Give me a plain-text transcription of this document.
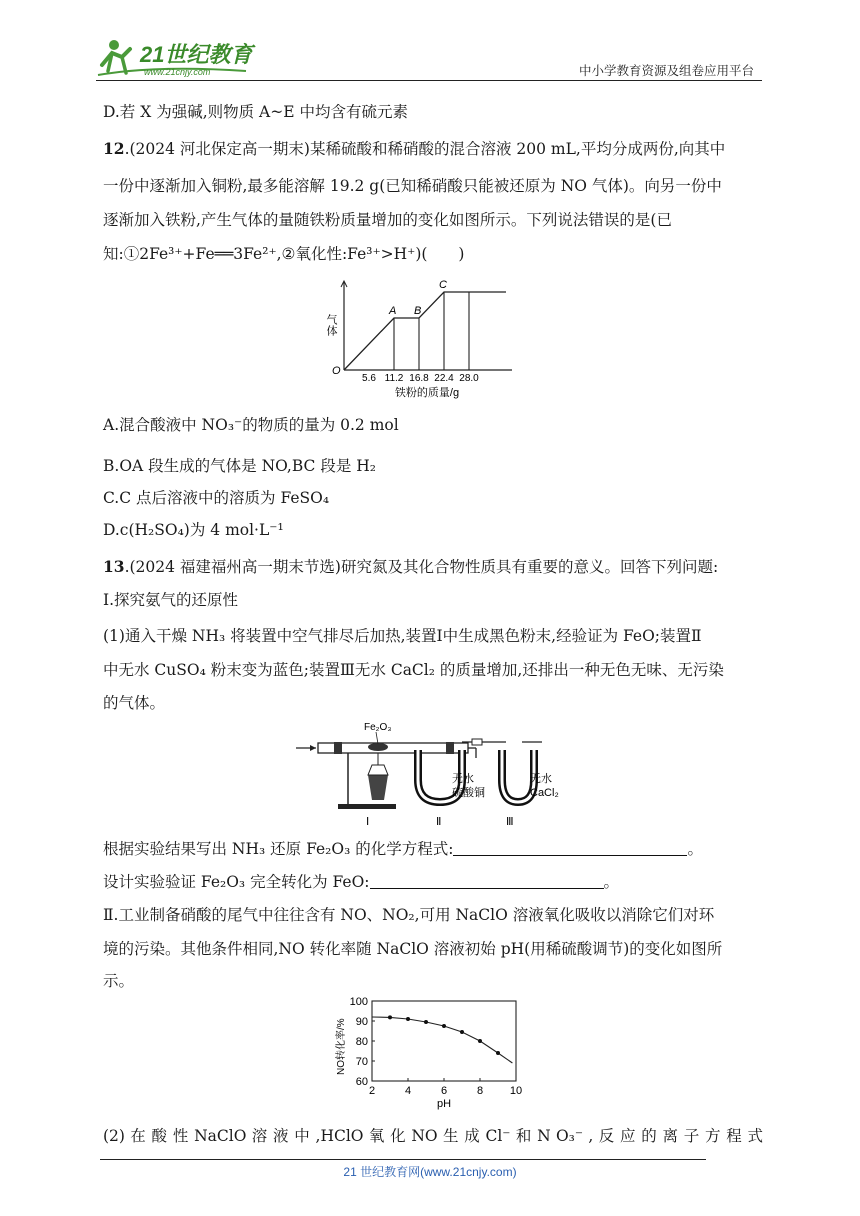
21世纪教育
www.21cnjy.com	中小学教育资源及组卷应用平台
D.若 X 为强碱,则物质 A~E 中均含有硫元素
12.(2024 河北保定高一期末)某稀硫酸和稀硝酸的混合溶液 200 mL,平均分成两份,向其中
一份中逐渐加入铜粉,最多能溶解 19.2 g(已知稀硝酸只能被还原为 NO 气体)。向另一份中
逐渐加入铁粉,产生气体的量随铁粉质量增加的变化如图所示。下列说法错误的是(已
知:①2Fe³⁺+Fe══3Fe²⁺,②氧化性:Fe³⁺>H⁺)(　　)
A B
C
5.6 11.2 16.8 22.4 28.0
O
气体
铁粉的质量/g
A.混合酸液中 NO₃⁻的物质的量为 0.2 mol
B.OA 段生成的气体是 NO,BC 段是 H₂
C.C 点后溶液中的溶质为 FeSO₄
D.c(H₂SO₄)为 4 mol·L⁻¹
13.(2024 福建福州高一期末节选)研究氮及其化合物性质具有重要的意义。回答下列问题:
Ⅰ.探究氨气的还原性
(1)通入干燥 NH₃ 将装置中空气排尽后加热,装置Ⅰ中生成黑色粉末,经验证为 FeO;装置Ⅱ
中无水 CuSO₄ 粉末变为蓝色;装置Ⅲ无水 CaCl₂ 的质量增加,还排出一种无色无味、无污染
的气体。
Fe₂O₃
无水
硫酸铜
无水
CaCl₂
Ⅰ	Ⅱ	Ⅲ
根据实验结果写出 NH₃ 还原 Fe₂O₃ 的化学方程式:	。
设计实验验证 Fe₂O₃ 完全转化为 FeO:	。
Ⅱ.工业制备硝酸的尾气中往往含有 NO、NO₂,可用 NaClO 溶液氧化吸收以消除它们对环
境的污染。其他条件相同,NO 转化率随 NaClO 溶液初始 pH(用稀硫酸调节)的变化如图所
示。
60
70
80
90
100
2	4	6	8 10
pH
NO转化率/%
(2) 在 酸 性 NaClO 溶 液 中 ,HClO 氧 化 NO 生 成 Cl⁻ 和 N O₃⁻ , 反 应 的 离 子 方 程 式
21 世纪教育网(www.21cnjy.com)
